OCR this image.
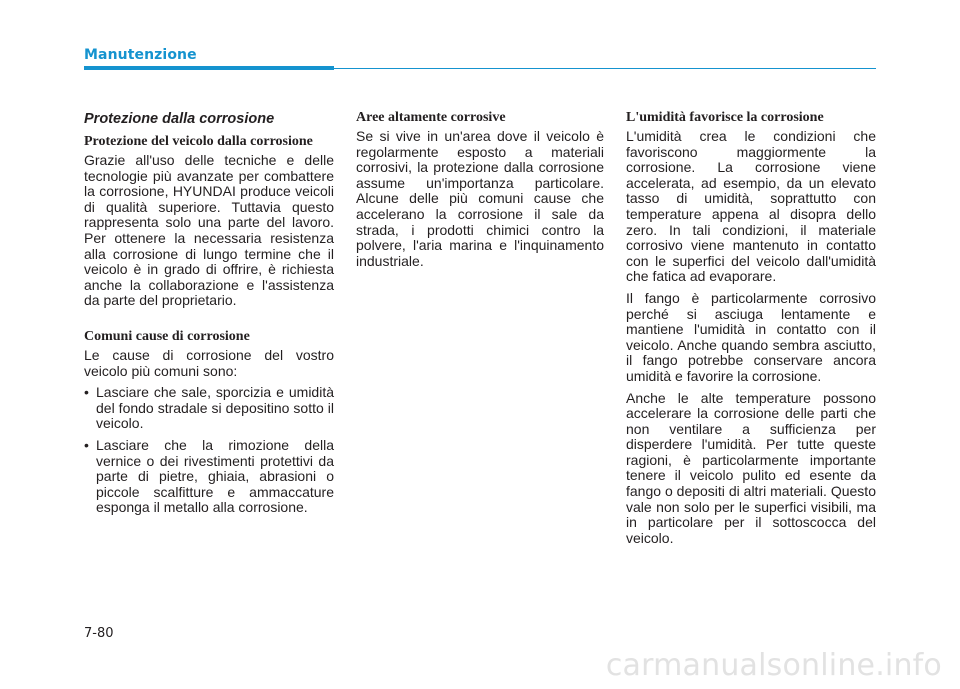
Manutenzione
Protezione dalla corrosione
Protezione del veicolo dalla corrosione

Grazie all'uso delle tecniche e delle tecnologie più avanzate per combattere la corrosione, HYUNDAI produce veicoli di qualità superiore. Tuttavia questo rappresenta solo una parte del lavoro. Per ottenere la necessaria resistenza alla corrosione di lungo termine che il veicolo è in grado di offrire, è richiesta anche la collaborazione e l'assistenza da parte del proprietario.

Comuni cause di corrosione

Le cause di corrosione del vostro veicolo più comuni sono:

• Lasciare che sale, sporcizia e umidità del fondo stradale si depositino sotto il veicolo.
• Lasciare che la rimozione della vernice o dei rivestimenti protettivi da parte di pietre, ghiaia, abrasioni o piccole scalfitture e ammaccature esponga il metallo alla corrosione.
Aree altamente corrosive

Se si vive in un'area dove il veicolo è regolarmente esposto a materiali corrosivi, la protezione dalla corrosione assume un'importanza particolare. Alcune delle più comuni cause che accelerano la corrosione il sale da strada, i prodotti chimici contro la polvere, l'aria marina e l'inquinamento industriale.

L'umidità favorisce la corrosione

L'umidità crea le condizioni che favoriscono maggiormente la corrosione. La corrosione viene accelerata, ad esempio, da un elevato tasso di umidità, soprattutto con temperature appena al disopra dello zero. In tali condizioni, il materiale corrosivo viene mantenuto in contatto con le superfici del veicolo dall'umidità che fatica ad evaporare.

Il fango è particolarmente corrosivo perché si asciuga lentamente e mantiene l'umidità in contatto con il veicolo. Anche quando sembra asciutto, il fango potrebbe conservare ancora umidità e favorire la corrosione.

Anche le alte temperature possono accelerare la corrosione delle parti che non ventilare a sufficienza per disperdere l'umidità. Per tutte queste ragioni, è particolarmente importante tenere il veicolo pulito ed esente da fango o depositi di altri materiali. Questo vale non solo per le superfici visibili, ma in particolare per il sottoscocca del veicolo.

7-80

carmanualsonline.info
